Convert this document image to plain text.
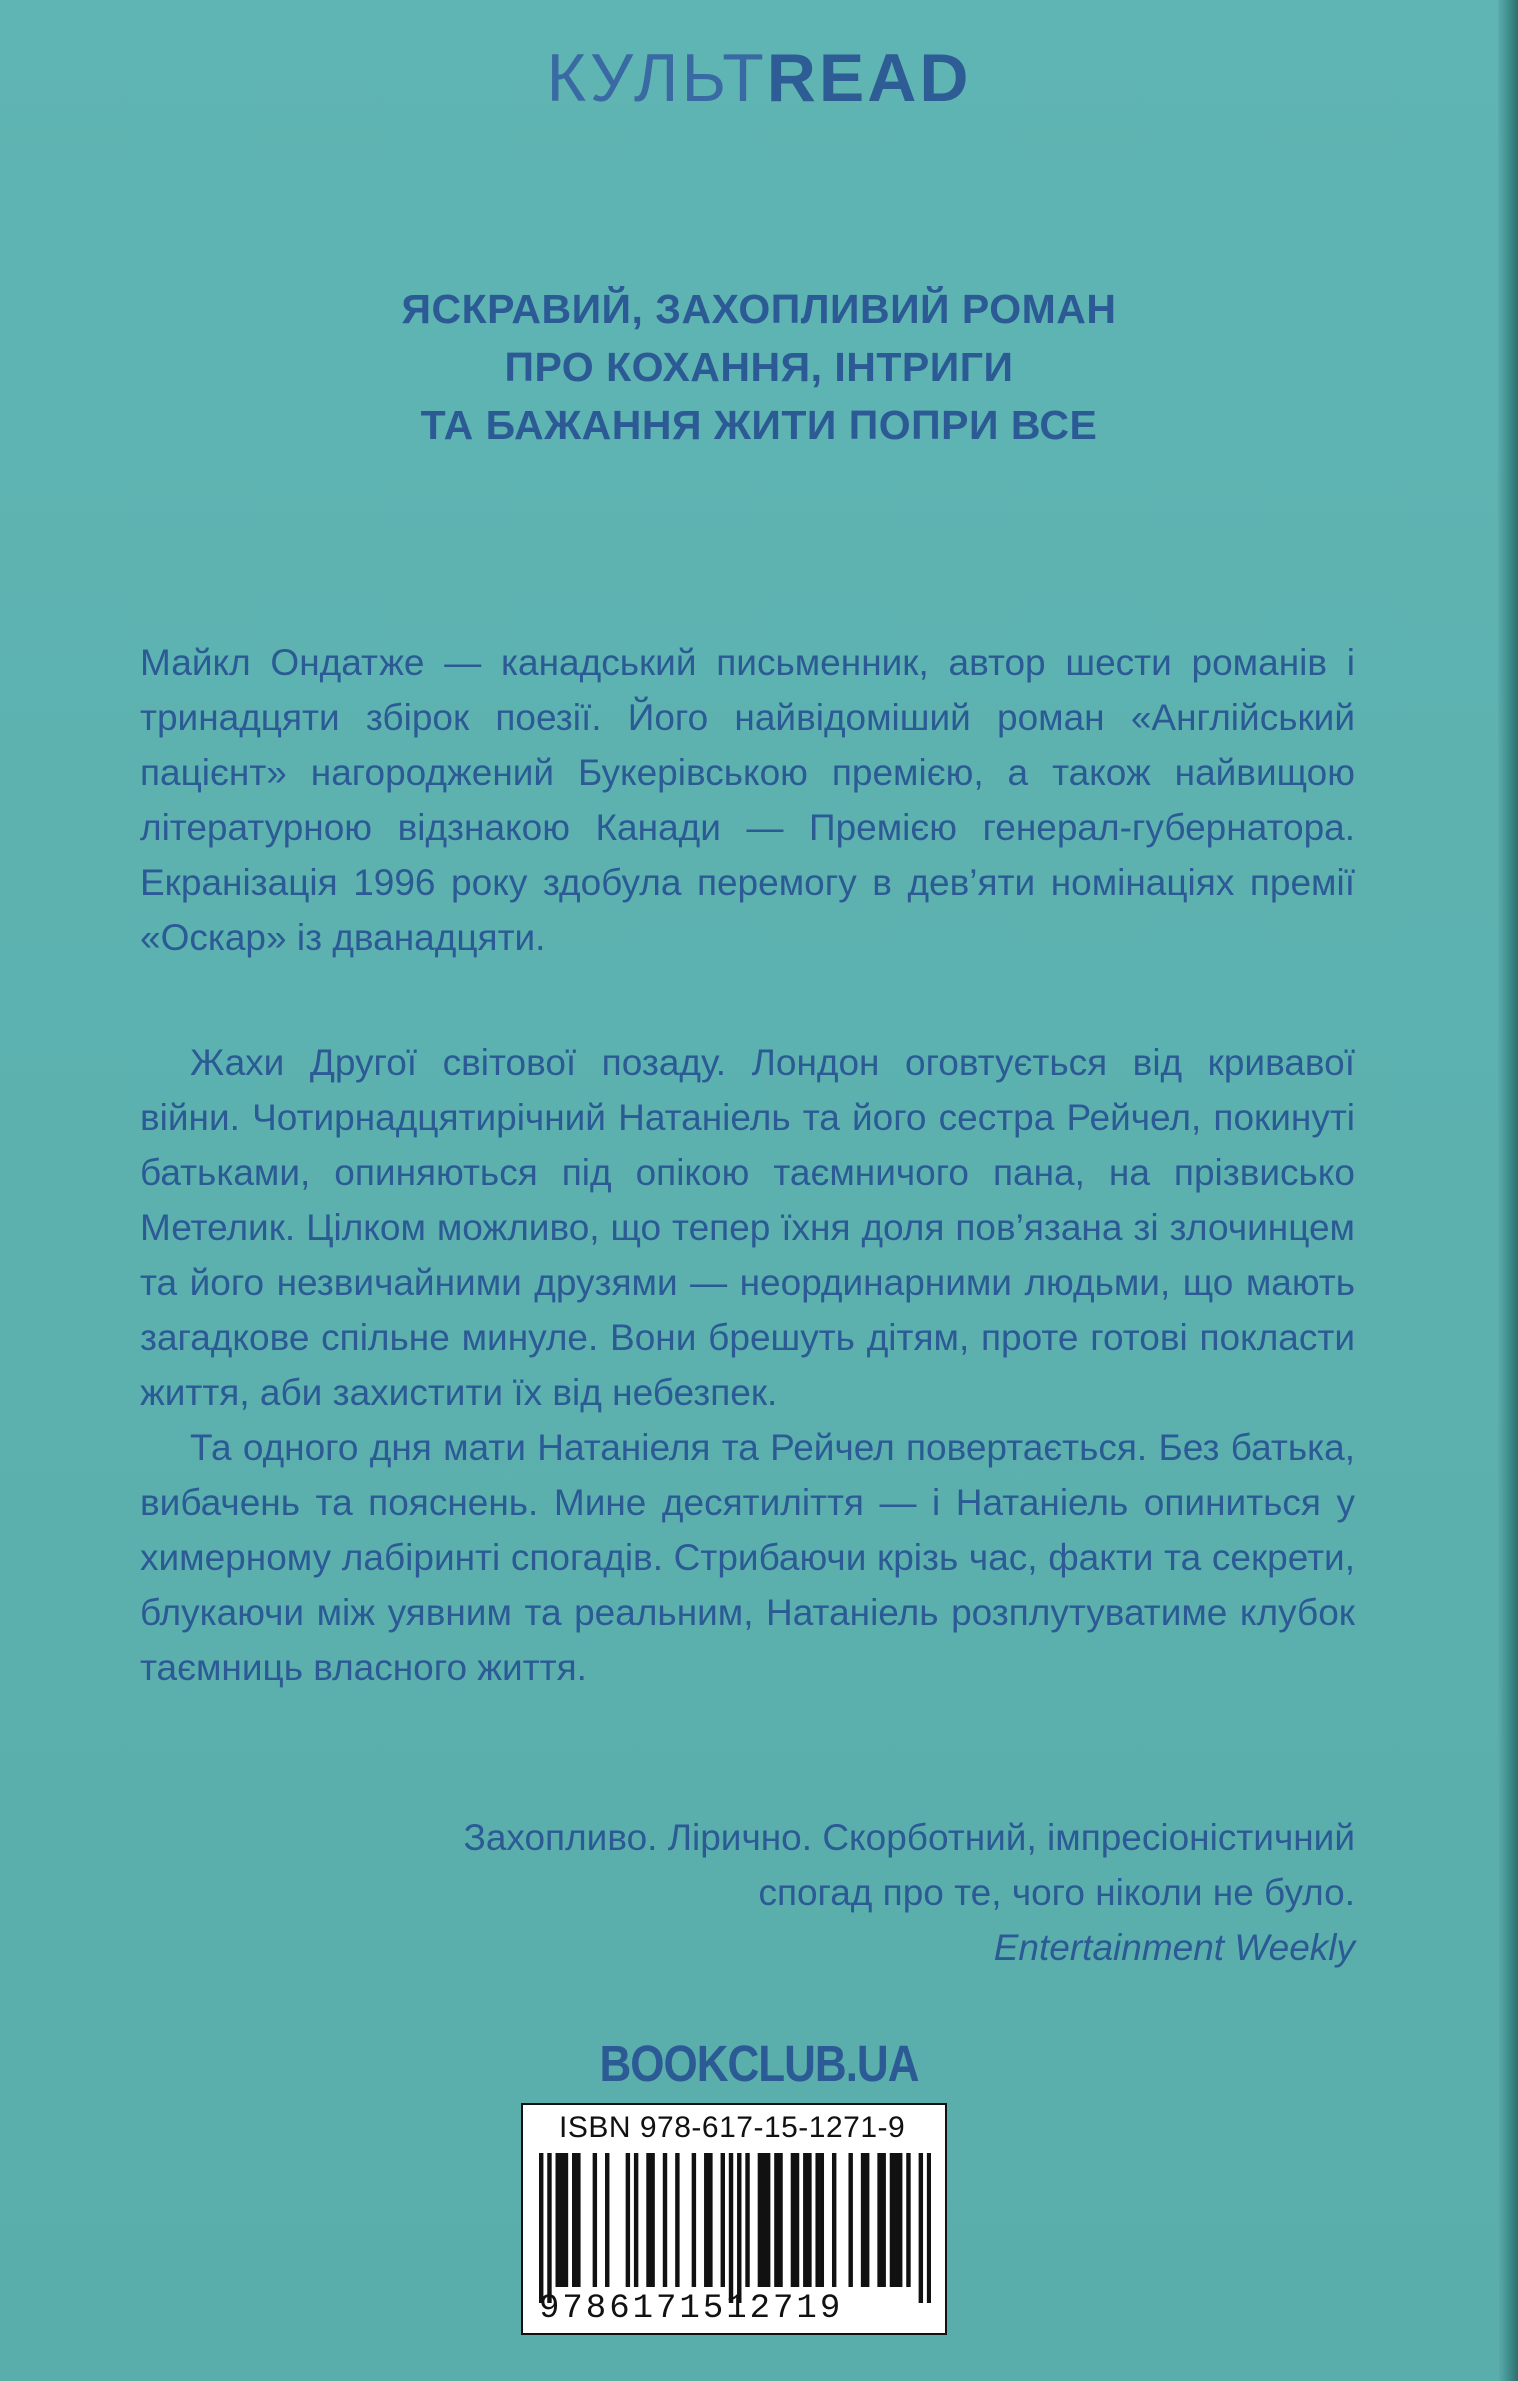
КУЛЬТREAD
ЯСКРАВИЙ, ЗАХОПЛИВИЙ РОМАН
ПРО КОХАННЯ, ІНТРИГИ
ТА БАЖАННЯ ЖИТИ ПОПРИ ВСЕ
Майкл Ондатже — канадський письменник, автор шести романів і тринадцяти збірок поезії. Його найвідоміший роман «Англійський пацієнт» нагороджений Букерівською премією, а також найвищою літературною відзнакою Канади — Премією генерал-губернатора. Екранізація 1996 року здобула перемогу в дев’яти номінаціях премії «Оскар» із дванадцяти.

Жахи Другої світової позаду. Лондон оговтується від кривавої війни. Чотирнадцятирічний Натаніель та його сестра Рейчел, покинуті батьками, опиняються під опікою таємничого пана, на прізвисько Метелик. Цілком можливо, що тепер їхня доля пов’язана зі злочинцем та його незвичайними друзями — неординарними людьми, що мають загадкове спільне минуле. Вони брешуть дітям, проте готові покласти життя, аби захистити їх від небезпек.

Та одного дня мати Натаніеля та Рейчел повертається. Без батька, вибачень та пояснень. Мине десятиліття — і Натаніель опиниться у химерному лабіринті спогадів. Стрибаючи крізь час, факти та секрети, блукаючи між уявним та реальним, Натаніель розплутуватиме клубок таємниць власного життя.

Захопливо. Лірично. Скорботний, імпресіоністичний
спогад про те, чого ніколи не було.
Entertainment Weekly
BOOKCLUB.UA
ISBN 978-617-15-1271-9
9786171512719
